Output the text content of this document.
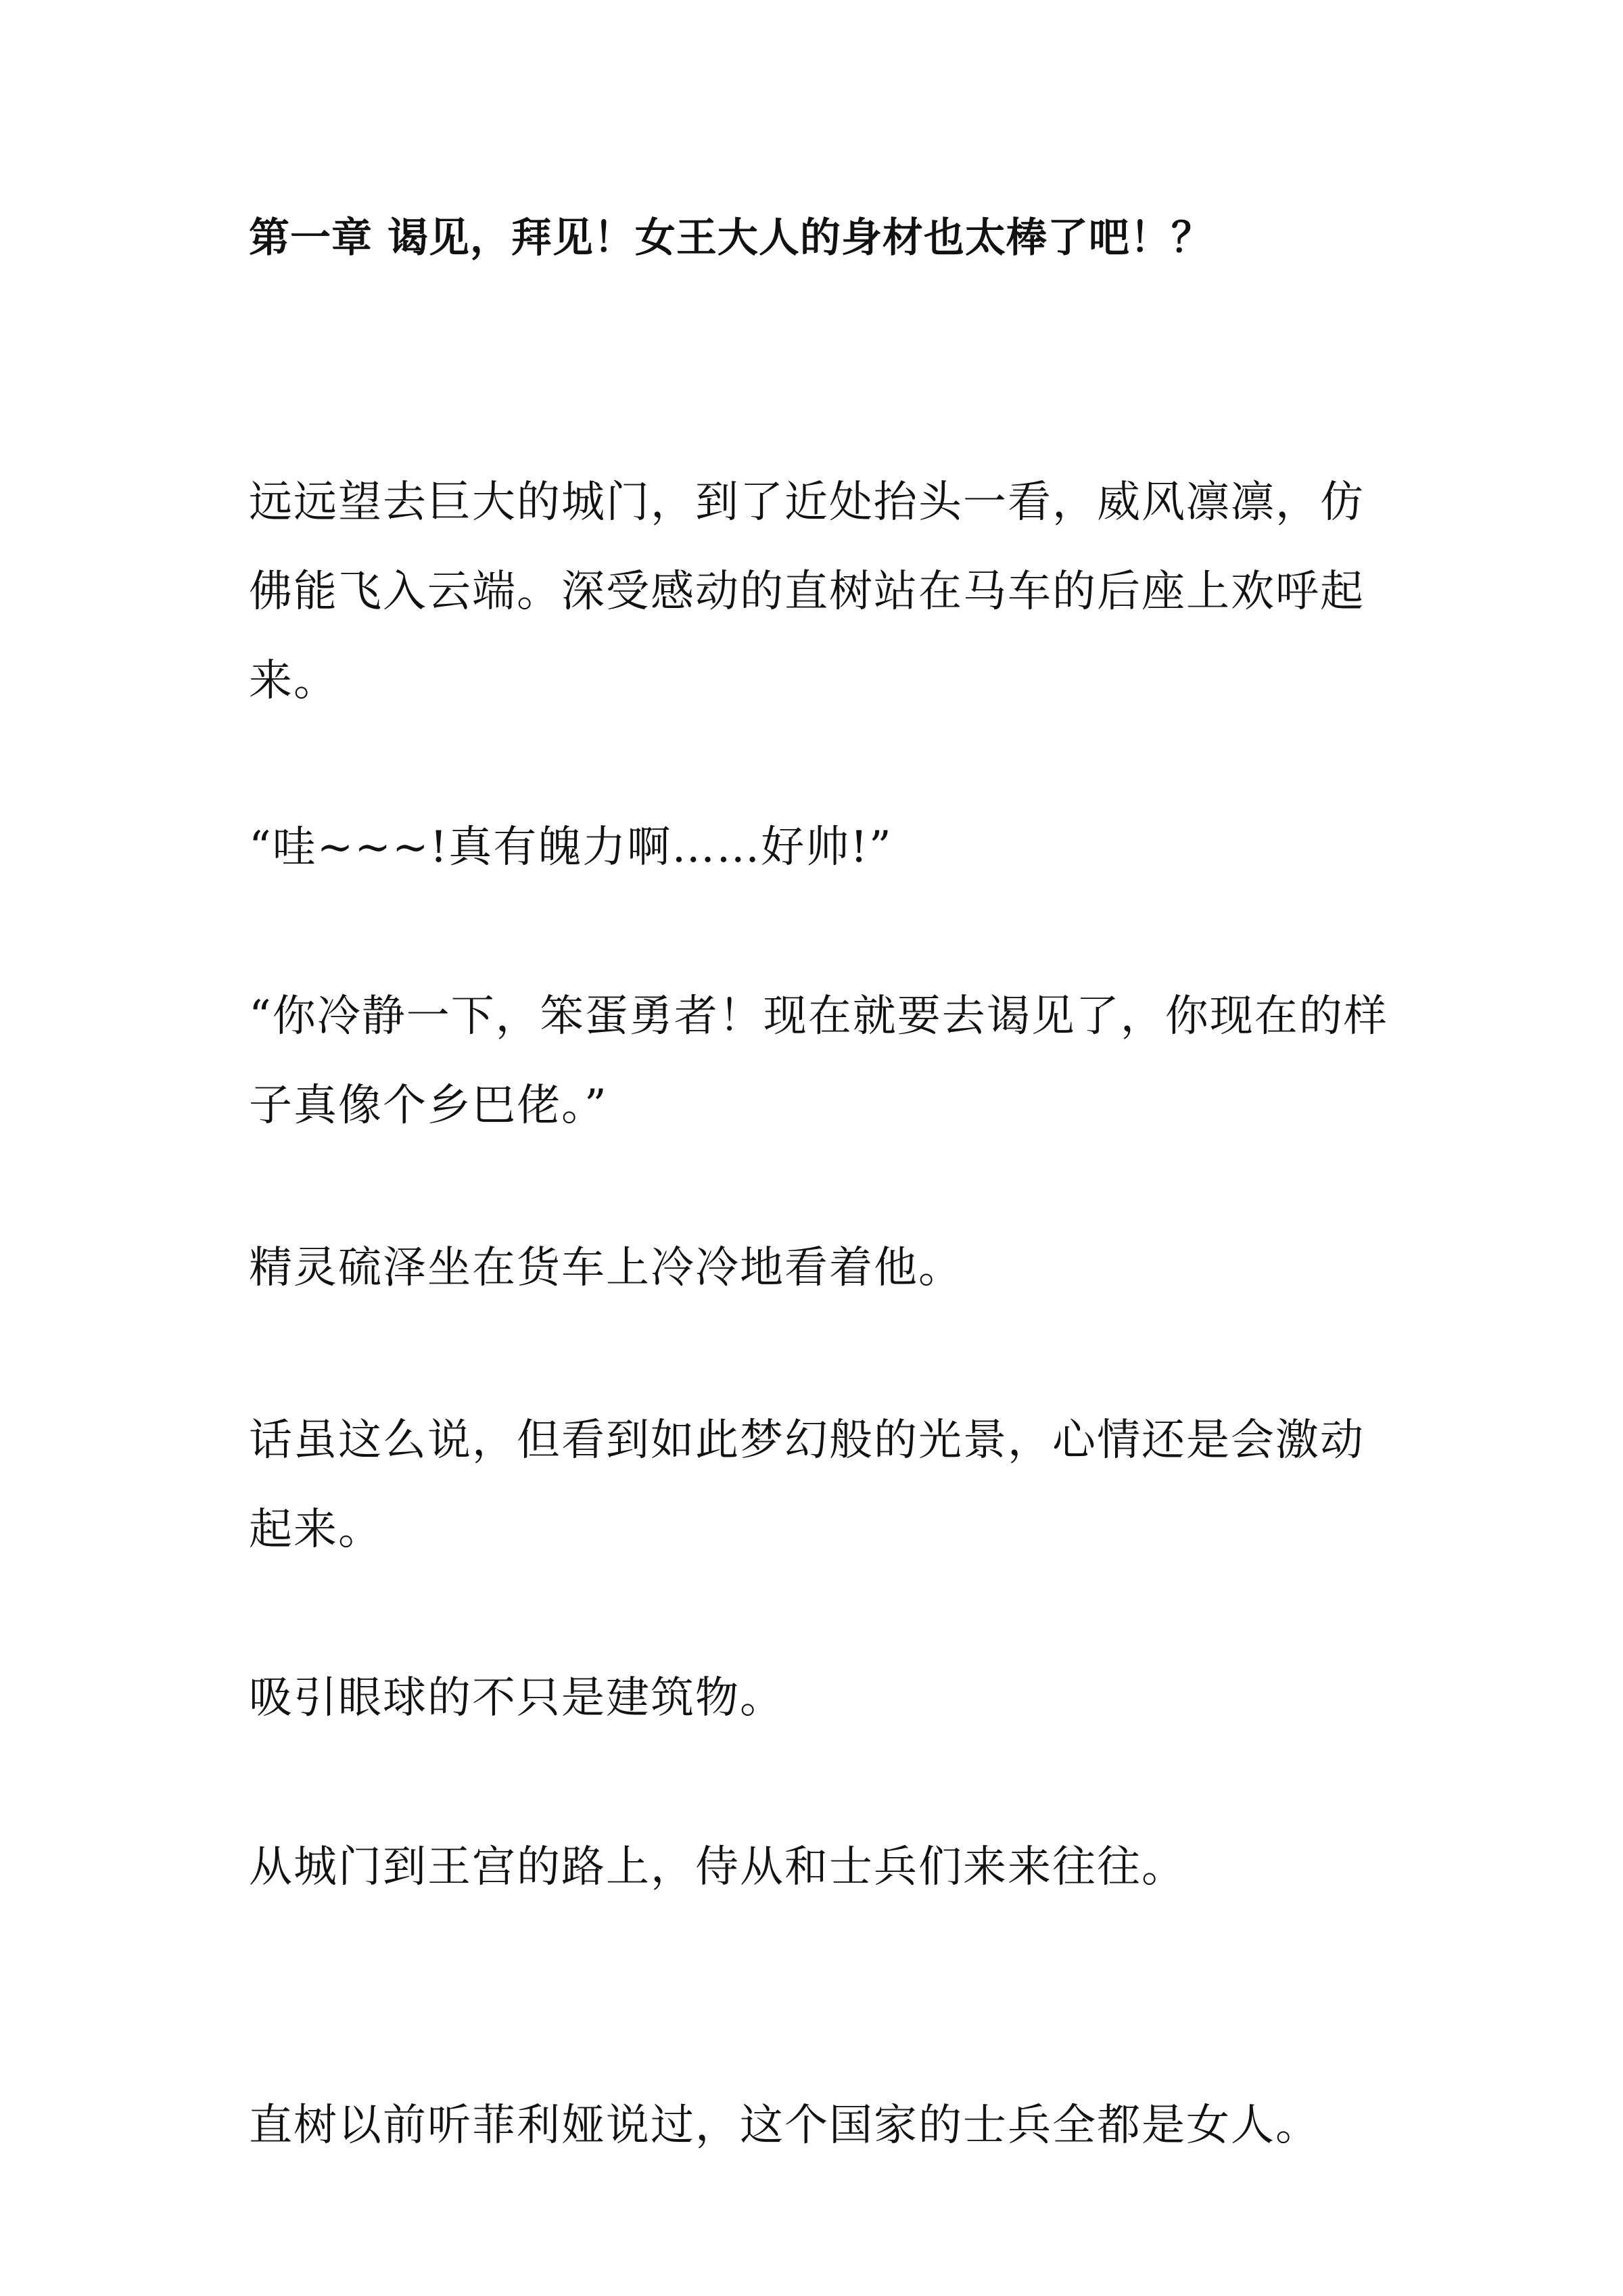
第一章 谒见，拜见！女王大人的身材也太棒了吧！？

远远望去巨大的城门，到了近处抬头一看，威风凛凛，仿佛能飞入云端。深受感动的直树站在马车的后座上欢呼起来。

“哇~~~!真有魄力啊……好帅!”

“你冷静一下，笨蛋勇者！现在就要去谒见了，你现在的样子真像个乡巴佬。”

精灵硫泽坐在货车上冷冷地看着他。

话虽这么说，但看到如此梦幻般的光景，心情还是会激动起来。

吸引眼球的不只是建筑物。

从城门到王宫的路上，侍从和士兵们来来往往。

直树以前听菲利娅说过，这个国家的士兵全都是女人。
